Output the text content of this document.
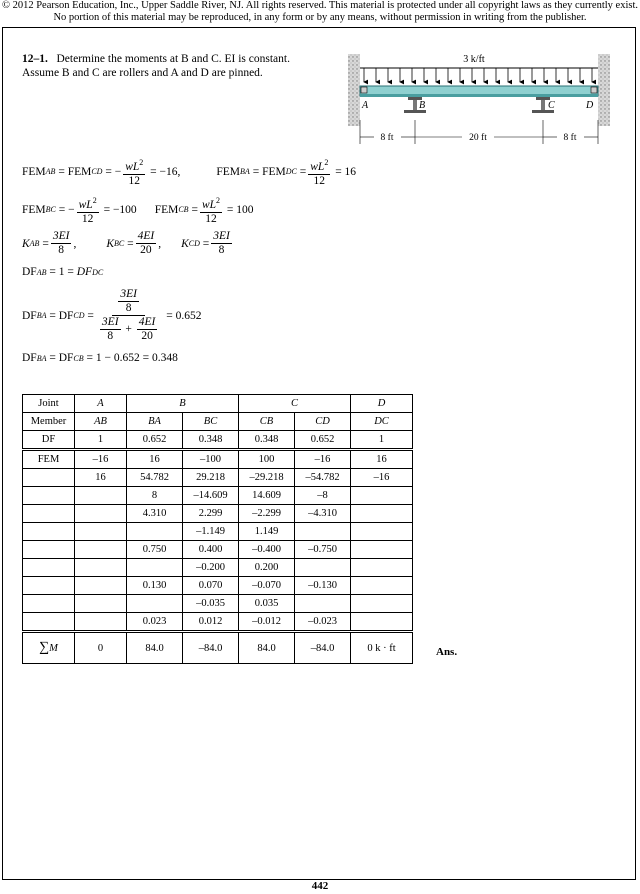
© 2012 Pearson Education, Inc., Upper Saddle River, NJ. All rights reserved. This material is protected under all copyright laws as they currently exist.
No portion of this material may be reproduced, in any form or by any means, without permission in writing from the publisher.
12–1. Determine the moments at B and C. EI is constant.
Assume B and C are rollers and A and D are pinned.
3 k/ft
A	B	C	D
8 ft	20 ft	8 ft
FEM AB = FEM CD = − $\frac{wL^2}{12}$
= −16,	FEM BA = FEM DC = $\frac{wL^2}{12}$
= 16
FEM BC = − $\frac{wL^2}{12}$
= −100 FEM CB = $\frac{wL^2}{12}$
= 100
K AB = $\frac{3EI}{8}$ ,	K BC = $\frac{4EI}{20}$ , K CD = $\frac{3EI}{8}$
DF AB
= 1 =
DF DC
DF BA = DF CD = $\frac{\frac{3EI}{8}}{\frac{3EI}{8} + \frac{4EI}{20}}$
= 0.652
DF BA = DF CB
= 1 − 0.652 = 0.348
Joint	A	B		C		D
Member	AB	BA	BC	CB	CD	DC
DF	1	0.652	0.348	0.348	0.652	1
FEM	–16	16	–100	100	–16	16
	16	54.782	29.218	–29.218	–54.782	–16
		8	–14.609	14.609	–8	
		4.310	2.299	–2.299	–4.310	
			–1.149	1.149		
		0.750	0.400	–0.400	–0.750	
			–0.200	0.200		
		0.130	0.070	–0.070	–0.130	
			–0.035	0.035		
		0.023	0.012	–0.012	–0.023	
∑M	0	84.0	–84.0	84.0	–84.0	0 k · ft	Ans.
442
